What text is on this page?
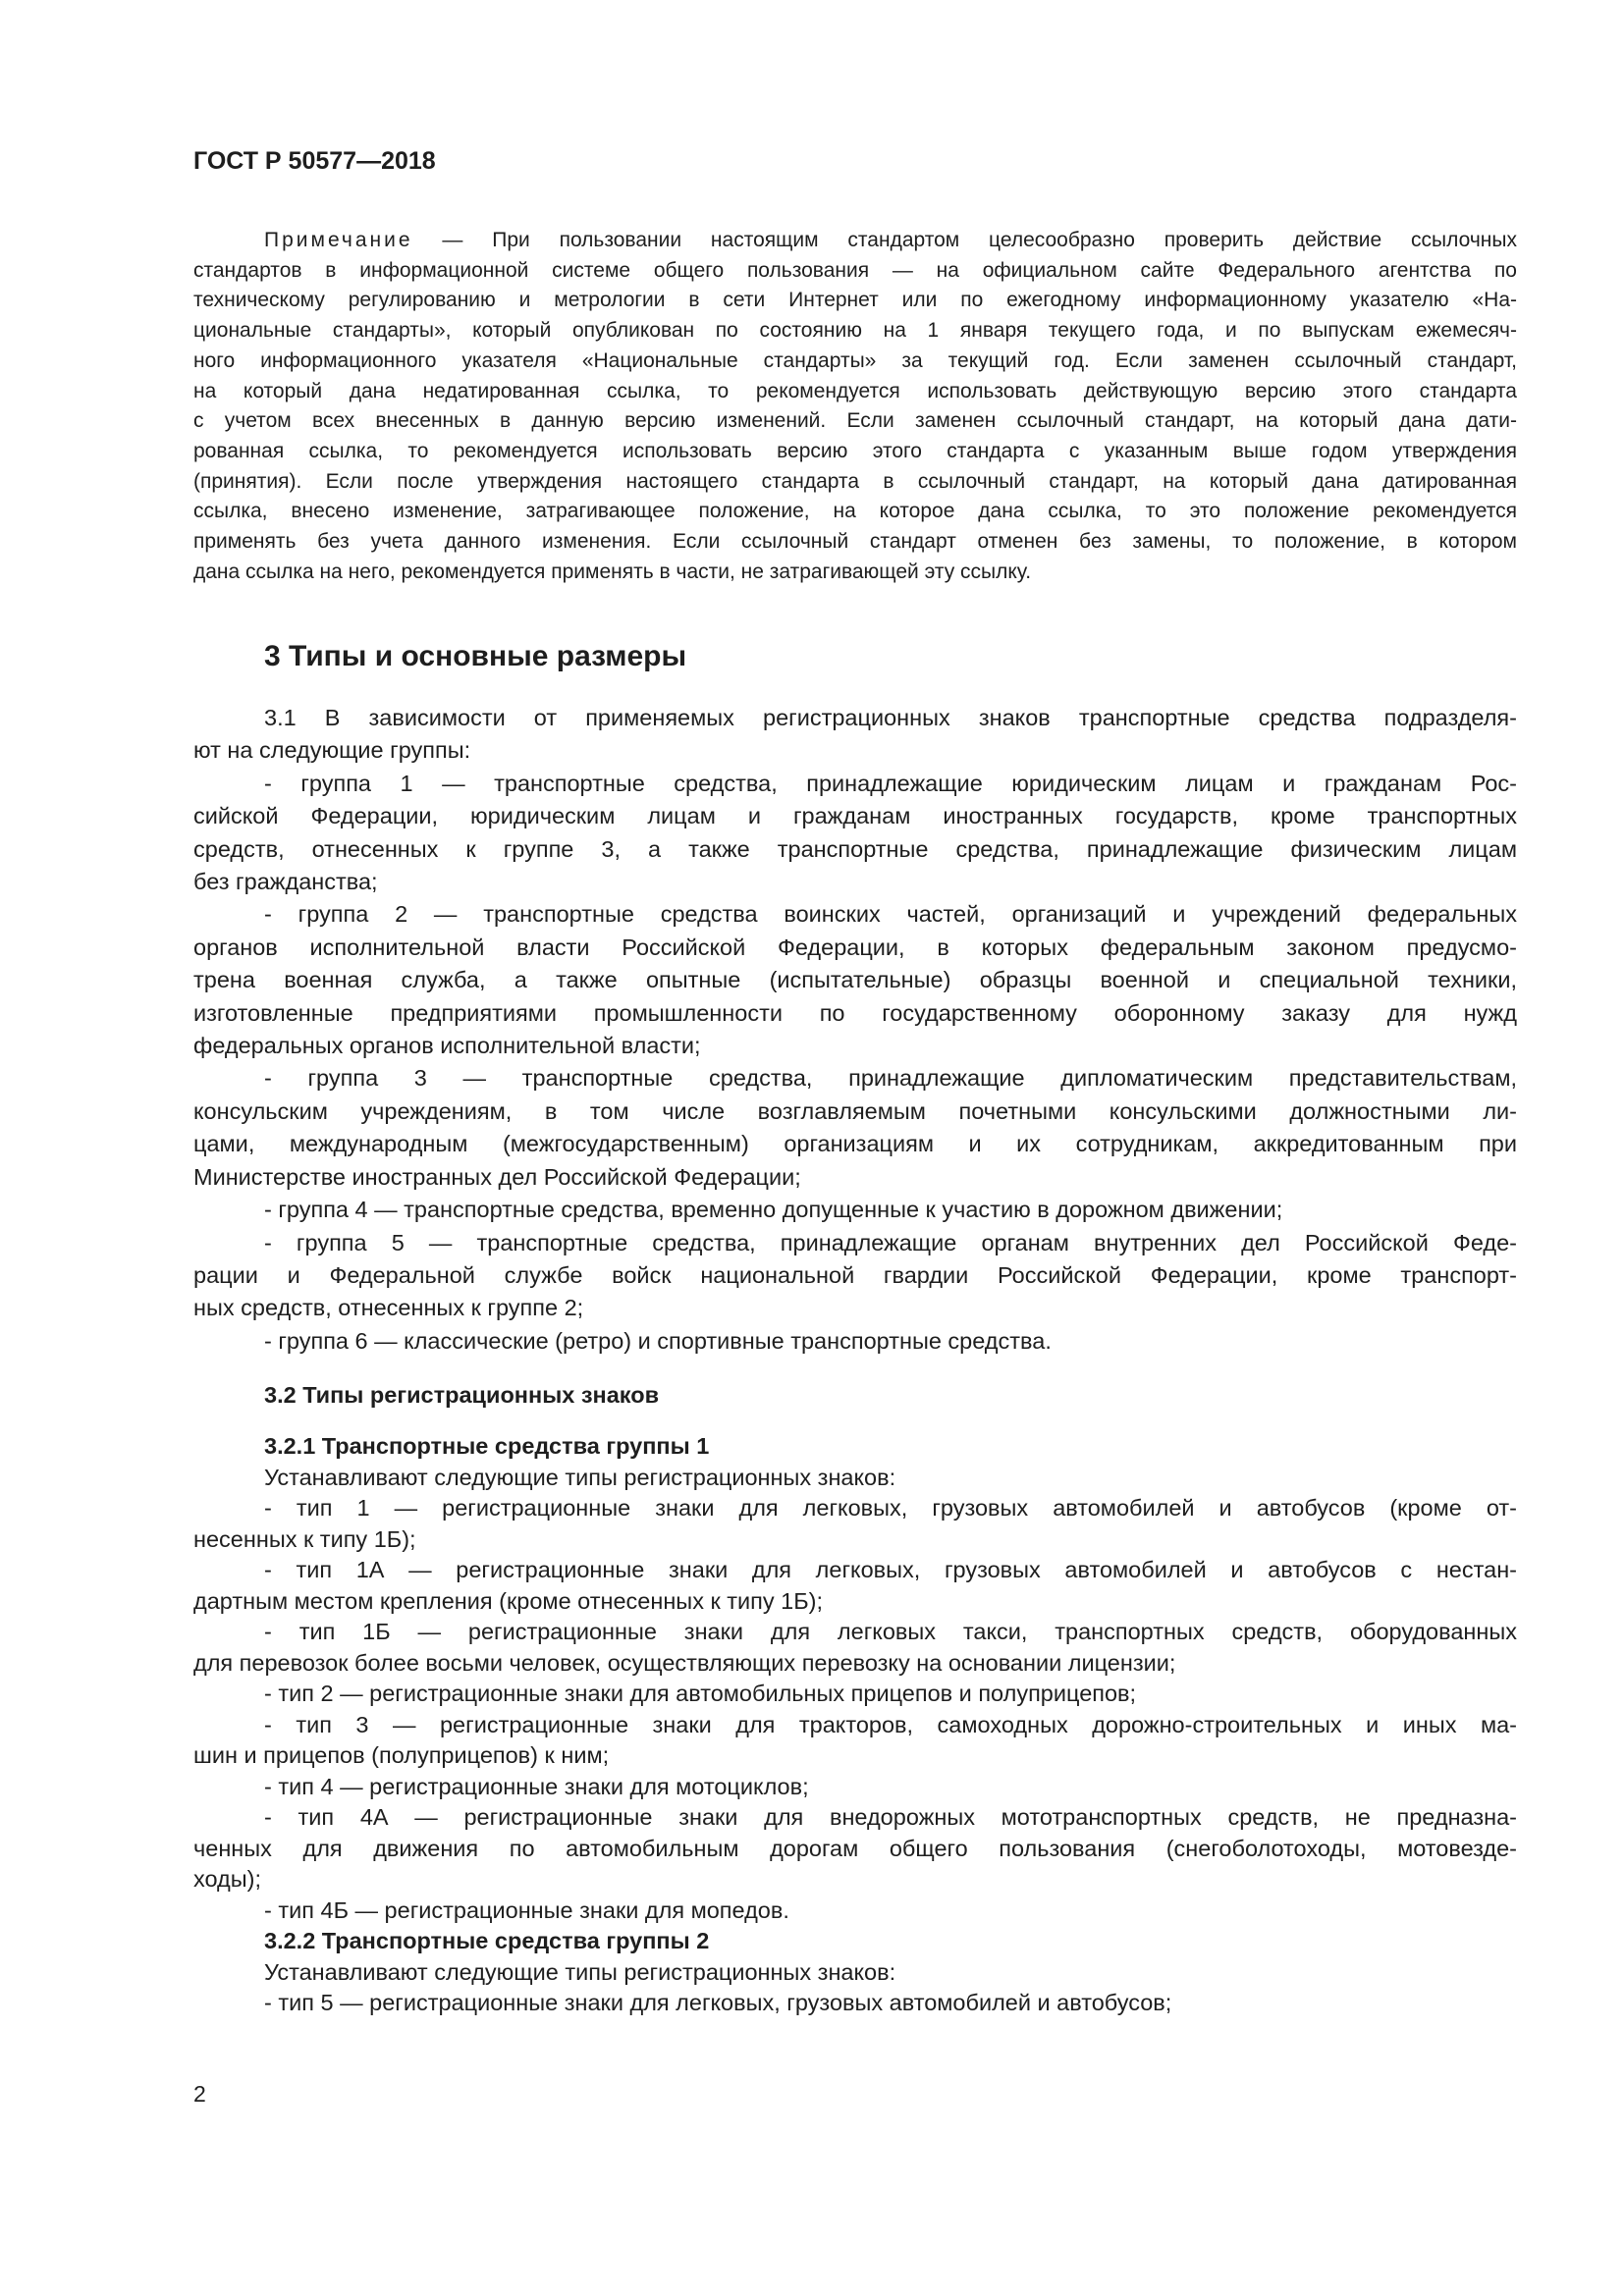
ГОСТ Р 50577—2018
Примечание — При пользовании настоящим стандартом целесообразно проверить действие ссылочных
стандартов в информационной системе общего пользования — на официальном сайте Федерального агентства по
техническому регулированию и метрологии в сети Интернет или по ежегодному информационному указателю «На-
циональные стандарты», который опубликован по состоянию на 1 января текущего года, и по выпускам ежемесяч-
ного информационного указателя «Национальные стандарты» за текущий год. Если заменен ссылочный стандарт,
на который дана недатированная ссылка, то рекомендуется использовать действующую версию этого стандарта
с учетом всех внесенных в данную версию изменений. Если заменен ссылочный стандарт, на который дана дати-
рованная ссылка, то рекомендуется использовать версию этого стандарта с указанным выше годом утверждения
(принятия). Если после утверждения настоящего стандарта в ссылочный стандарт, на который дана датированная
ссылка, внесено изменение, затрагивающее положение, на которое дана ссылка, то это положение рекомендуется
применять без учета данного изменения. Если ссылочный стандарт отменен без замены, то положение, в котором
дана ссылка на него, рекомендуется применять в части, не затрагивающей эту ссылку.
3 Типы и основные размеры
3.1 В зависимости от применяемых регистрационных знаков транспортные средства подразделя-
ют на следующие группы:
- группа 1 — транспортные средства, принадлежащие юридическим лицам и гражданам Рос-
сийской Федерации, юридическим лицам и гражданам иностранных государств, кроме транспортных
средств, отнесенных к группе 3, а также транспортные средства, принадлежащие физическим лицам
без гражданства;
- группа 2 — транспортные средства воинских частей, организаций и учреждений федеральных
органов исполнительной власти Российской Федерации, в которых федеральным законом предусмо-
трена военная служба, а также опытные (испытательные) образцы военной и специальной техники,
изготовленные предприятиями промышленности по государственному оборонному заказу для нужд
федеральных органов исполнительной власти;
- группа 3 — транспортные средства, принадлежащие дипломатическим представительствам,
консульским учреждениям, в том числе возглавляемым почетными консульскими должностными ли-
цами, международным (межгосударственным) организациям и их сотрудникам, аккредитованным при
Министерстве иностранных дел Российской Федерации;
- группа 4 — транспортные средства, временно допущенные к участию в дорожном движении;
- группа 5 — транспортные средства, принадлежащие органам внутренних дел Российской Феде-
рации и Федеральной службе войск национальной гвардии Российской Федерации, кроме транспорт-
ных средств, отнесенных к группе 2;
- группа 6 — классические (ретро) и спортивные транспортные средства.
3.2 Типы регистрационных знаков
3.2.1 Транспортные средства группы 1
Устанавливают следующие типы регистрационных знаков:
- тип 1 — регистрационные знаки для легковых, грузовых автомобилей и автобусов (кроме от-
несенных к типу 1Б);
- тип 1А — регистрационные знаки для легковых, грузовых автомобилей и автобусов с нестан-
дартным местом крепления (кроме отнесенных к типу 1Б);
- тип 1Б — регистрационные знаки для легковых такси, транспортных средств, оборудованных
для перевозок более восьми человек, осуществляющих перевозку на основании лицензии;
- тип 2 — регистрационные знаки для автомобильных прицепов и полуприцепов;
- тип 3 — регистрационные знаки для тракторов, самоходных дорожно-строительных и иных ма-
шин и прицепов (полуприцепов) к ним;
- тип 4 — регистрационные знаки для мотоциклов;
- тип 4А — регистрационные знаки для внедорожных мототранспортных средств, не предназна-
ченных для движения по автомобильным дорогам общего пользования (снегоболотоходы, мотовезде-
ходы);
- тип 4Б — регистрационные знаки для мопедов.
3.2.2 Транспортные средства группы 2
Устанавливают следующие типы регистрационных знаков:
- тип 5 — регистрационные знаки для легковых, грузовых автомобилей и автобусов;
2
